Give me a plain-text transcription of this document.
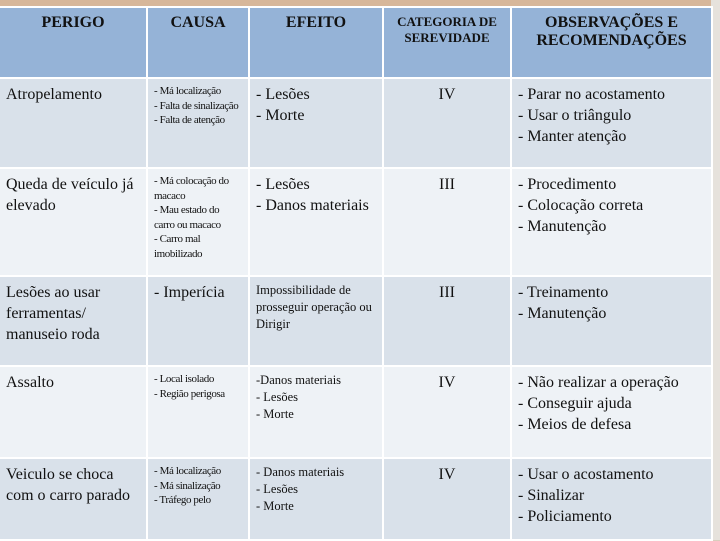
PERIGO	CAUSA	EFEITO	CATEGORIA DE SEREVIDADE	OBSERVAÇÕES E RECOMENDAÇÕES
Atropelamento	- Má localização
- Falta de sinalização
- Falta de atenção	- Lesões
- Morte	IV	- Parar no acostamento
- Usar o triângulo
- Manter atenção

Queda de veículo já elevado	- Má colocação do macaco
- Mau estado do carro ou macaco
- Carro mal imobilizado	- Lesões
- Danos materiais	III	- Procedimento
- Colocação correta
- Manutenção

Lesões ao usar ferramentas/ manuseio roda	- Imperícia	Impossibilidade de prosseguir operação ou Dirigir	III	- Treinamento
- Manutenção

Assalto	- Local isolado
- Região perigosa	-Danos materiais
- Lesões
- Morte	IV	- Não realizar a operação
- Conseguir ajuda
- Meios de defesa

Veiculo se choca com o carro parado	- Má localização
- Má sinalização
- Tráfego pelo	- Danos materiais
- Lesões
- Morte	IV	- Usar o acostamento
- Sinalizar
- Policiamento
